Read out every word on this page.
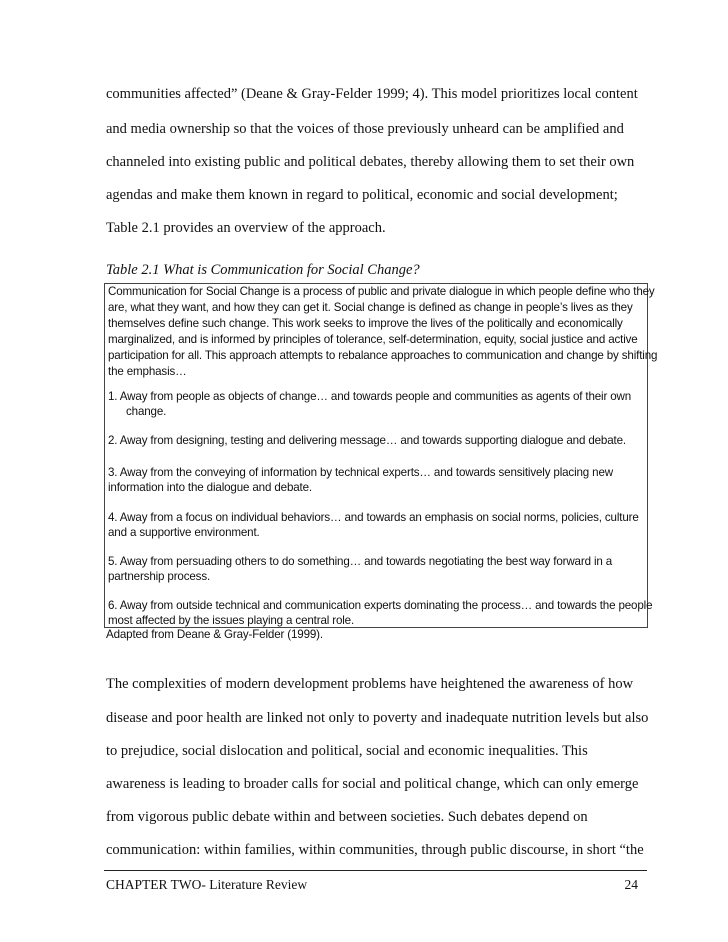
communities affected” (Deane & Gray-Felder 1999; 4). This model prioritizes local content
and media ownership so that the voices of those previously unheard can be amplified and
channeled into existing public and political debates, thereby allowing them to set their own
agendas and make them known in regard to political, economic and social development;
Table 2.1 provides an overview of the approach.
Table 2.1 What is Communication for Social Change?
Communication for Social Change is a process of public and private dialogue in which people define who they
are, what they want, and how they can get it. Social change is defined as change in people’s lives as they
themselves define such change. This work seeks to improve the lives of the politically and economically
marginalized, and is informed by principles of tolerance, self-determination, equity, social justice and active
participation for all. This approach attempts to rebalance approaches to communication and change by shifting
the emphasis…
1. Away from people as objects of change… and towards people and communities as agents of their own
change.
2. Away from designing, testing and delivering message… and towards supporting dialogue and debate.
3. Away from the conveying of information by technical experts… and towards sensitively placing new
information into the dialogue and debate.
4. Away from a focus on individual behaviors… and towards an emphasis on social norms, policies, culture
and a supportive environment.
5. Away from persuading others to do something… and towards negotiating the best way forward in a
partnership process.
6. Away from outside technical and communication experts dominating the process… and towards the people
most affected by the issues playing a central role.
Adapted from Deane & Gray-Felder (1999).
The complexities of modern development problems have heightened the awareness of how
disease and poor health are linked not only to poverty and inadequate nutrition levels but also
to prejudice, social dislocation and political, social and economic inequalities. This
awareness is leading to broader calls for social and political change, which can only emerge
from vigorous public debate within and between societies. Such debates depend on
communication: within families, within communities, through public discourse, in short “the
CHAPTER TWO- Literature Review	24
